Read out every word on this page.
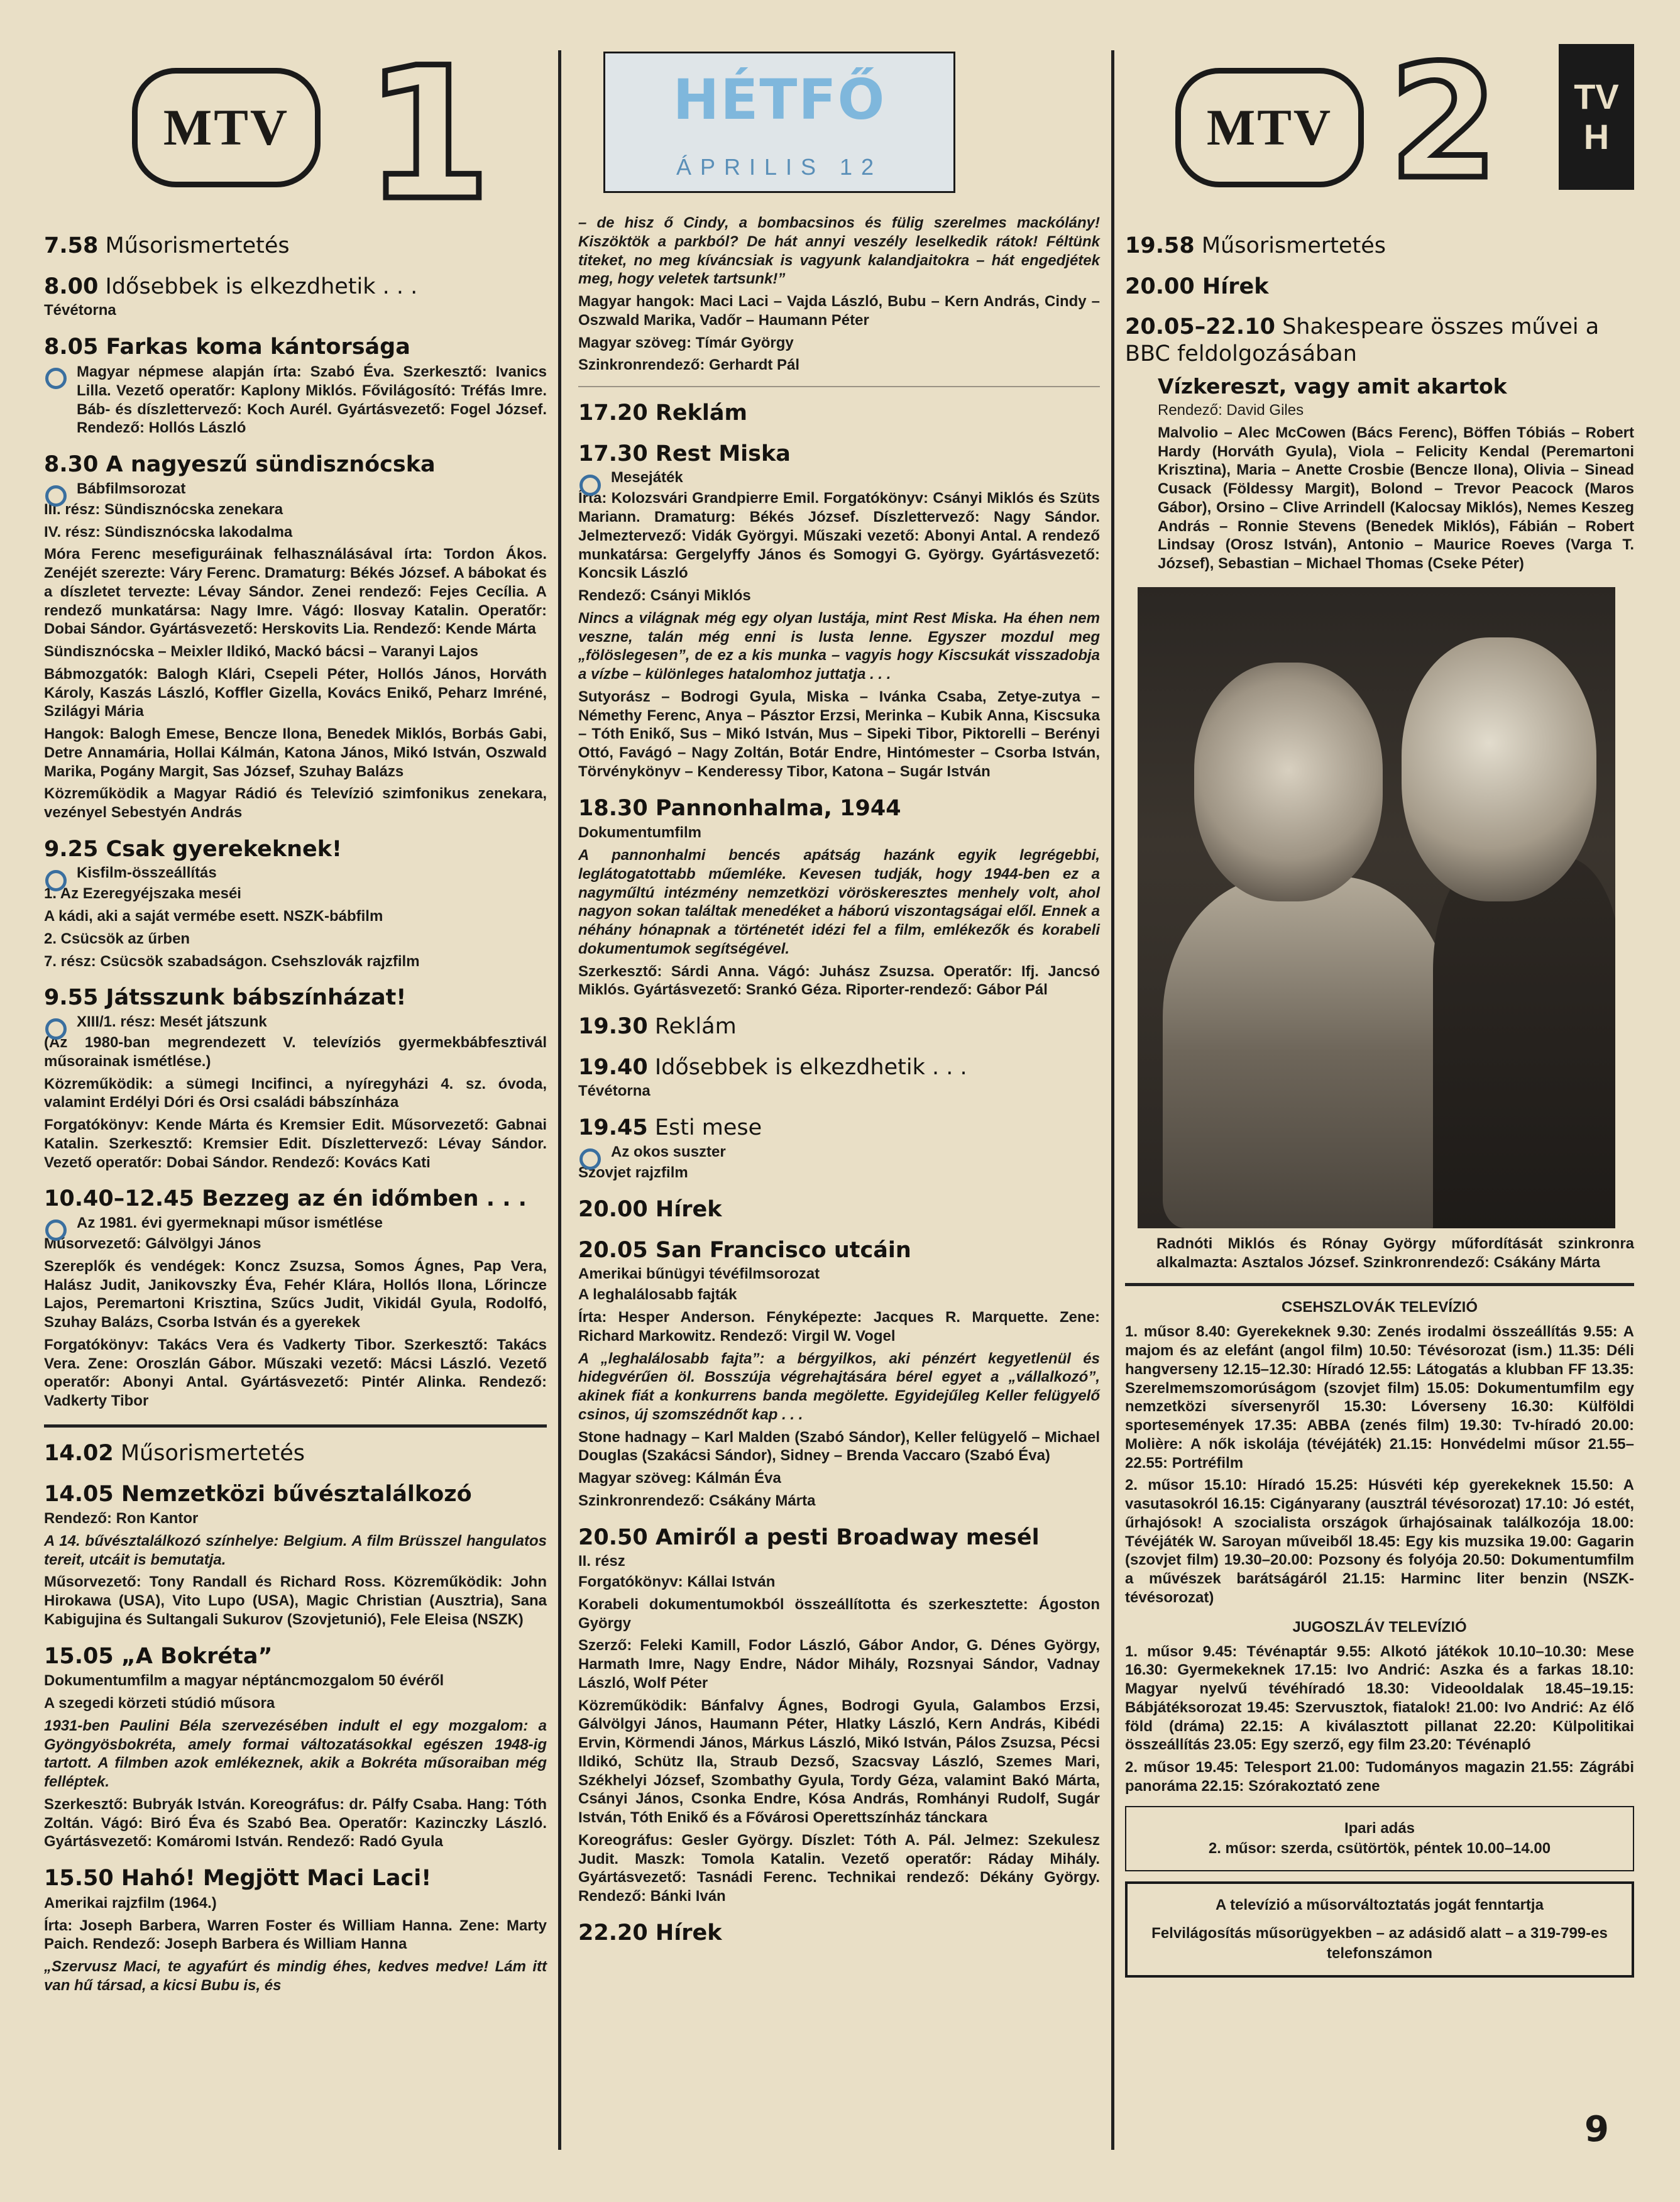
MTV 1
7.58 Műsorismertetés
8.00 Idősebbek is elkezdhetik . . .
Tévétorna
8.05 Farkas koma kántorsága
Magyar népmese alapján írta: Szabó Éva. Szerkesztő: Ivanics Lilla. Vezető operatőr: Kaplony Miklós. Fővilágosító: Tréfás Imre. Báb- és díszlettervező: Koch Aurél. Gyártásvezető: Fogel József. Rendező: Hollós László
8.30 A nagyeszű sündisznócska
Bábfilmsorozat
III. rész: Sündisznócska zenekara
IV. rész: Sündisznócska lakodalma
Móra Ferenc mesefiguráinak felhasználásával írta: Tordon Ákos. Zenéjét szerezte: Váry Ferenc. Dramaturg: Békés József. A bábokat és a díszletet tervezte: Lévay Sándor. Zenei rendező: Fejes Cecília. A rendező munkatársa: Nagy Imre. Vágó: Ilosvay Katalin. Operatőr: Dobai Sándor. Gyártásvezető: Herskovits Lia. Rendező: Kende Márta
Sündisznócska – Meixler Ildikó, Mackó bácsi – Varanyi Lajos
Bábmozgatók: Balogh Klári, Csepeli Péter, Hollós János, Horváth Károly, Kaszás László, Koffler Gizella, Kovács Enikő, Peharz Imréné, Szilágyi Mária
Hangok: Balogh Emese, Bencze Ilona, Benedek Miklós, Borbás Gabi, Detre Annamária, Hollai Kálmán, Katona János, Mikó István, Oszwald Marika, Pogány Margit, Sas József, Szuhay Balázs
Közreműködik a Magyar Rádió és Televízió szimfonikus zenekara, vezényel Sebestyén András
9.25 Csak gyerekeknek!
Kisfilm-összeállítás
1. Az Ezeregyéjszaka meséi
A kádi, aki a saját vermébe esett. NSZK-bábfilm
2. Csücsök az űrben
7. rész: Csücsök szabadságon. Csehszlovák rajzfilm
9.55 Játsszunk bábszínházat!
XIII/1. rész: Mesét játszunk
(Az 1980-ban megrendezett V. televíziós gyermekbábfesztivál műsorainak ismétlése.)
Közreműködik: a sümegi Incifinci, a nyíregyházi 4. sz. óvoda, valamint Erdélyi Dóri és Orsi családi bábszínháza
Forgatókönyv: Kende Márta és Kremsier Edit. Műsorvezető: Gabnai Katalin. Szerkesztő: Kremsier Edit. Díszlettervező: Lévay Sándor. Vezető operatőr: Dobai Sándor. Rendező: Kovács Kati
10.40–12.45 Bezzeg az én időmben . . .
Az 1981. évi gyermeknapi műsor ismétlése
Műsorvezető: Gálvölgyi János
Szereplők és vendégek: Koncz Zsuzsa, Somos Ágnes, Pap Vera, Halász Judit, Janikovszky Éva, Fehér Klára, Hollós Ilona, Lőrincze Lajos, Peremartoni Krisztina, Szűcs Judit, Vikidál Gyula, Rodolfó, Szuhay Balázs, Csorba István és a gyerekek
Forgatókönyv: Takács Vera és Vadkerty Tibor. Szerkesztő: Takács Vera. Zene: Oroszlán Gábor. Műszaki vezető: Mácsi László. Vezető operatőr: Abonyi Antal. Gyártásvezető: Pintér Alinka. Rendező: Vadkerty Tibor
14.02 Műsorismertetés
14.05 Nemzetközi bűvésztalálkozó
Rendező: Ron Kantor
A 14. bűvésztalálkozó színhelye: Belgium. A film Brüsszel hangulatos tereit, utcáit is bemutatja.
Műsorvezető: Tony Randall és Richard Ross. Közreműködik: John Hirokawa (USA), Vito Lupo (USA), Magic Christian (Ausztria), Sana Kabigujina és Sultangali Sukurov (Szovjetunió), Fele Eleisa (NSZK)
15.05 „A Bokréta”
Dokumentumfilm a magyar néptáncmozgalom 50 évéről
A szegedi körzeti stúdió műsora
1931-ben Paulini Béla szervezésében indult el egy mozgalom: a Gyöngyösbokréta, amely formai változatásokkal egészen 1948-ig tartott. A filmben azok emlékeznek, akik a Bokréta műsoraiban még felléptek.
Szerkesztő: Bubryák István. Koreográfus: dr. Pálfy Csaba. Hang: Tóth Zoltán. Vágó: Biró Éva és Szabó Bea. Operatőr: Kazinczky László. Gyártásvezető: Komáromi István. Rendező: Radó Gyula
15.50 Hahó! Megjött Maci Laci!
Amerikai rajzfilm (1964.)
Írta: Joseph Barbera, Warren Foster és William Hanna. Zene: Marty Paich. Rendező: Joseph Barbera és William Hanna
„Szervusz Maci, te agyafúrt és mindig éhes, kedves medve! Lám itt van hű társad, a kicsi Bubu is, és
HÉTFŐ
ÁPRILIS 12
– de hisz ő Cindy, a bombacsinos és fülig szerelmes mackólány! Kiszöktök a parkból? De hát annyi veszély leselkedik rátok! Féltünk titeket, no meg kíváncsiak is vagyunk kalandjaitokra – hát engedjétek meg, hogy veletek tartsunk!”
Magyar hangok: Maci Laci – Vajda László, Bubu – Kern András, Cindy – Oszwald Marika, Vadőr – Haumann Péter
Magyar szöveg: Tímár György
Szinkronrendező: Gerhardt Pál
17.20 Reklám
17.30 Rest Miska
Mesejáték
Írta: Kolozsvári Grandpierre Emil. Forgatókönyv: Csányi Miklós és Szüts Mariann. Dramaturg: Békés József. Díszlettervező: Nagy Sándor. Jelmeztervező: Vidák Györgyi. Műszaki vezető: Abonyi Antal. A rendező munkatársa: Gergelyffy János és Somogyi G. György. Gyártásvezető: Koncsik László
Rendező: Csányi Miklós
Nincs a világnak még egy olyan lustája, mint Rest Miska. Ha éhen nem veszne, talán még enni is lusta lenne. Egyszer mozdul meg „fölöslegesen”, de ez a kis munka – vagyis hogy Kiscsukát visszadobja a vízbe – különleges hatalomhoz juttatja . . .
Sutyorász – Bodrogi Gyula, Miska – Ivánka Csaba, Zetye-zutya – Némethy Ferenc, Anya – Pásztor Erzsi, Merinka – Kubik Anna, Kiscsuka – Tóth Enikő, Sus – Mikó István, Mus – Sipeki Tibor, Piktorelli – Berényi Ottó, Favágó – Nagy Zoltán, Botár Endre, Hintómester – Csorba István, Törvénykönyv – Kenderessy Tibor, Katona – Sugár István
18.30 Pannonhalma, 1944
Dokumentumfilm
A pannonhalmi bencés apátság hazánk egyik legrégebbi, leglátogatottabb műemléke. Kevesen tudják, hogy 1944-ben ez a nagyműltú intézmény nemzetközi vöröskeresztes menhely volt, ahol nagyon sokan találtak menedéket a háború viszontagságai elől. Ennek a néhány hónapnak a történetét idézi fel a film, emlékezők és korabeli dokumentumok segítségével.
Szerkesztő: Sárdi Anna. Vágó: Juhász Zsuzsa. Operatőr: Ifj. Jancsó Miklós. Gyártásvezető: Srankó Géza. Riporter-rendező: Gábor Pál
19.30 Reklám
19.40 Idősebbek is elkezdhetik . . .
Tévétorna
19.45 Esti mese
Az okos suszter
Szovjet rajzfilm
20.00 Hírek
20.05 San Francisco utcáin
Amerikai bűnügyi tévéfilmsorozat
A leghalálosabb fajták
Írta: Hesper Anderson. Fényképezte: Jacques R. Marquette. Zene: Richard Markowitz. Rendező: Virgil W. Vogel
A „leghalálosabb fajta”: a bérgyilkos, aki pénzért kegyetlenül és hidegvérűen öl. Bosszúja végrehajtására bérel egyet a „vállalkozó”, akinek fiát a konkurrens banda megölette. Egyidejűleg Keller felügyelő csinos, új szomszédnőt kap . . .
Stone hadnagy – Karl Malden (Szabó Sándor), Keller felügyelő – Michael Douglas (Szakácsi Sándor), Sidney – Brenda Vaccaro (Szabó Éva)
Magyar szöveg: Kálmán Éva
Szinkronrendező: Csákány Márta
20.50 Amiről a pesti Broadway mesél
II. rész
Forgatókönyv: Kállai István
Korabeli dokumentumokból összeállította és szerkesztette: Ágoston György
Szerző: Feleki Kamill, Fodor László, Gábor Andor, G. Dénes György, Harmath Imre, Nagy Endre, Nádor Mihály, Rozsnyai Sándor, Vadnay László, Wolf Péter
Közreműködik: Bánfalvy Ágnes, Bodrogi Gyula, Galambos Erzsi, Gálvölgyi János, Haumann Péter, Hlatky László, Kern András, Kibédi Ervin, Körmendi János, Márkus László, Mikó István, Pálos Zsuzsa, Pécsi Ildikó, Schütz Ila, Straub Dezső, Szacsvay László, Szemes Mari, Székhelyi József, Szombathy Gyula, Tordy Géza, valamint Bakó Márta, Csányi János, Csonka Endre, Kósa András, Romhányi Rudolf, Sugár István, Tóth Enikő és a Fővárosi Operettszínház tánckara
Koreográfus: Gesler György. Díszlet: Tóth A. Pál. Jelmez: Szekulesz Judit. Maszk: Tomola Katalin. Vezető operatőr: Ráday Mihály. Gyártásvezető: Tasnádi Ferenc. Technikai rendező: Dékány György. Rendező: Bánki Iván
22.20 Hírek
MTV 2 TV
H
19.58 Műsorismertetés
20.00 Hírek
20.05–22.10 Shakespeare összes művei a BBC feldolgozásában
Vízkereszt, vagy amit akartok
Rendező: David Giles
Malvolio – Alec McCowen (Bács Ferenc), Böffen Tóbiás – Robert Hardy (Horváth Gyula), Viola – Felicity Kendal (Peremartoni Krisztina), Maria – Anette Crosbie (Bencze Ilona), Olivia – Sinead Cusack (Földessy Margit), Bolond – Trevor Peacock (Maros Gábor), Orsino – Clive Arrindell (Kalocsay Miklós), Nemes Keszeg András – Ronnie Stevens (Benedek Miklós), Fábián – Robert Lindsay (Orosz István), Antonio – Maurice Roeves (Varga T. József), Sebastian – Michael Thomas (Cseke Péter)
Radnóti Miklós és Rónay György műfordítását szinkronra alkalmazta: Asztalos József. Szinkronrendező: Csákány Márta
CSEHSZLOVÁK TELEVÍZIÓ
1. műsor 8.40: Gyerekeknek 9.30: Zenés irodalmi összeállítás 9.55: A majom és az elefánt (angol film) 10.50: Tévésorozat (ism.) 11.35: Déli hangverseny 12.15–12.30: Híradó 12.55: Látogatás a klubban FF 13.35: Szerelmemszomorúságom (szovjet film) 15.05: Dokumentumfilm egy nemzetközi síversenyről 15.30: Lóverseny 16.30: Külföldi sportesemények 17.35: ABBA (zenés film) 19.30: Tv-híradó 20.00: Molière: A nők iskolája (tévéjáték) 21.15: Honvédelmi műsor 21.55–22.55: Portréfilm
2. műsor 15.10: Híradó 15.25: Húsvéti kép gyerekeknek 15.50: A vasutasokról 16.15: Cigányarany (ausztrál tévésorozat) 17.10: Jó estét, űrhajósok! A szocialista országok űrhajósainak találkozója 18.00: Tévéjáték W. Saroyan műveiből 18.45: Egy kis muzsika 19.00: Gagarin (szovjet film) 19.30–20.00: Pozsony és folyója 20.50: Dokumentumfilm a művészek barátságáról 21.15: Harminc liter benzin (NSZK-tévésorozat)
JUGOSZLÁV TELEVÍZIÓ
1. műsor 9.45: Tévénaptár 9.55: Alkotó játékok 10.10–10.30: Mese 16.30: Gyermekeknek 17.15: Ivo Andrić: Aszka és a farkas 18.10: Magyar nyelvű tévéhíradó 18.30: Videooldalak 18.45–19.15: Bábjátéksorozat 19.45: Szervusztok, fiatalok! 21.00: Ivo Andrić: Az élő föld (dráma) 22.15: A kiválasztott pillanat 22.20: Külpolitikai összeállítás 23.05: Egy szerző, egy film 23.20: Tévénapló
2. műsor 19.45: Telesport 21.00: Tudományos magazin 21.55: Zágrábi panoráma 22.15: Szórakoztató zene
Ipari adás
2. műsor: szerda, csütörtök, péntek 10.00–14.00
A televízió a műsorváltoztatás jogát fenntartja
Felvilágosítás műsorügyekben – az adásidő alatt – a 319-799-es telefonszámon
9
